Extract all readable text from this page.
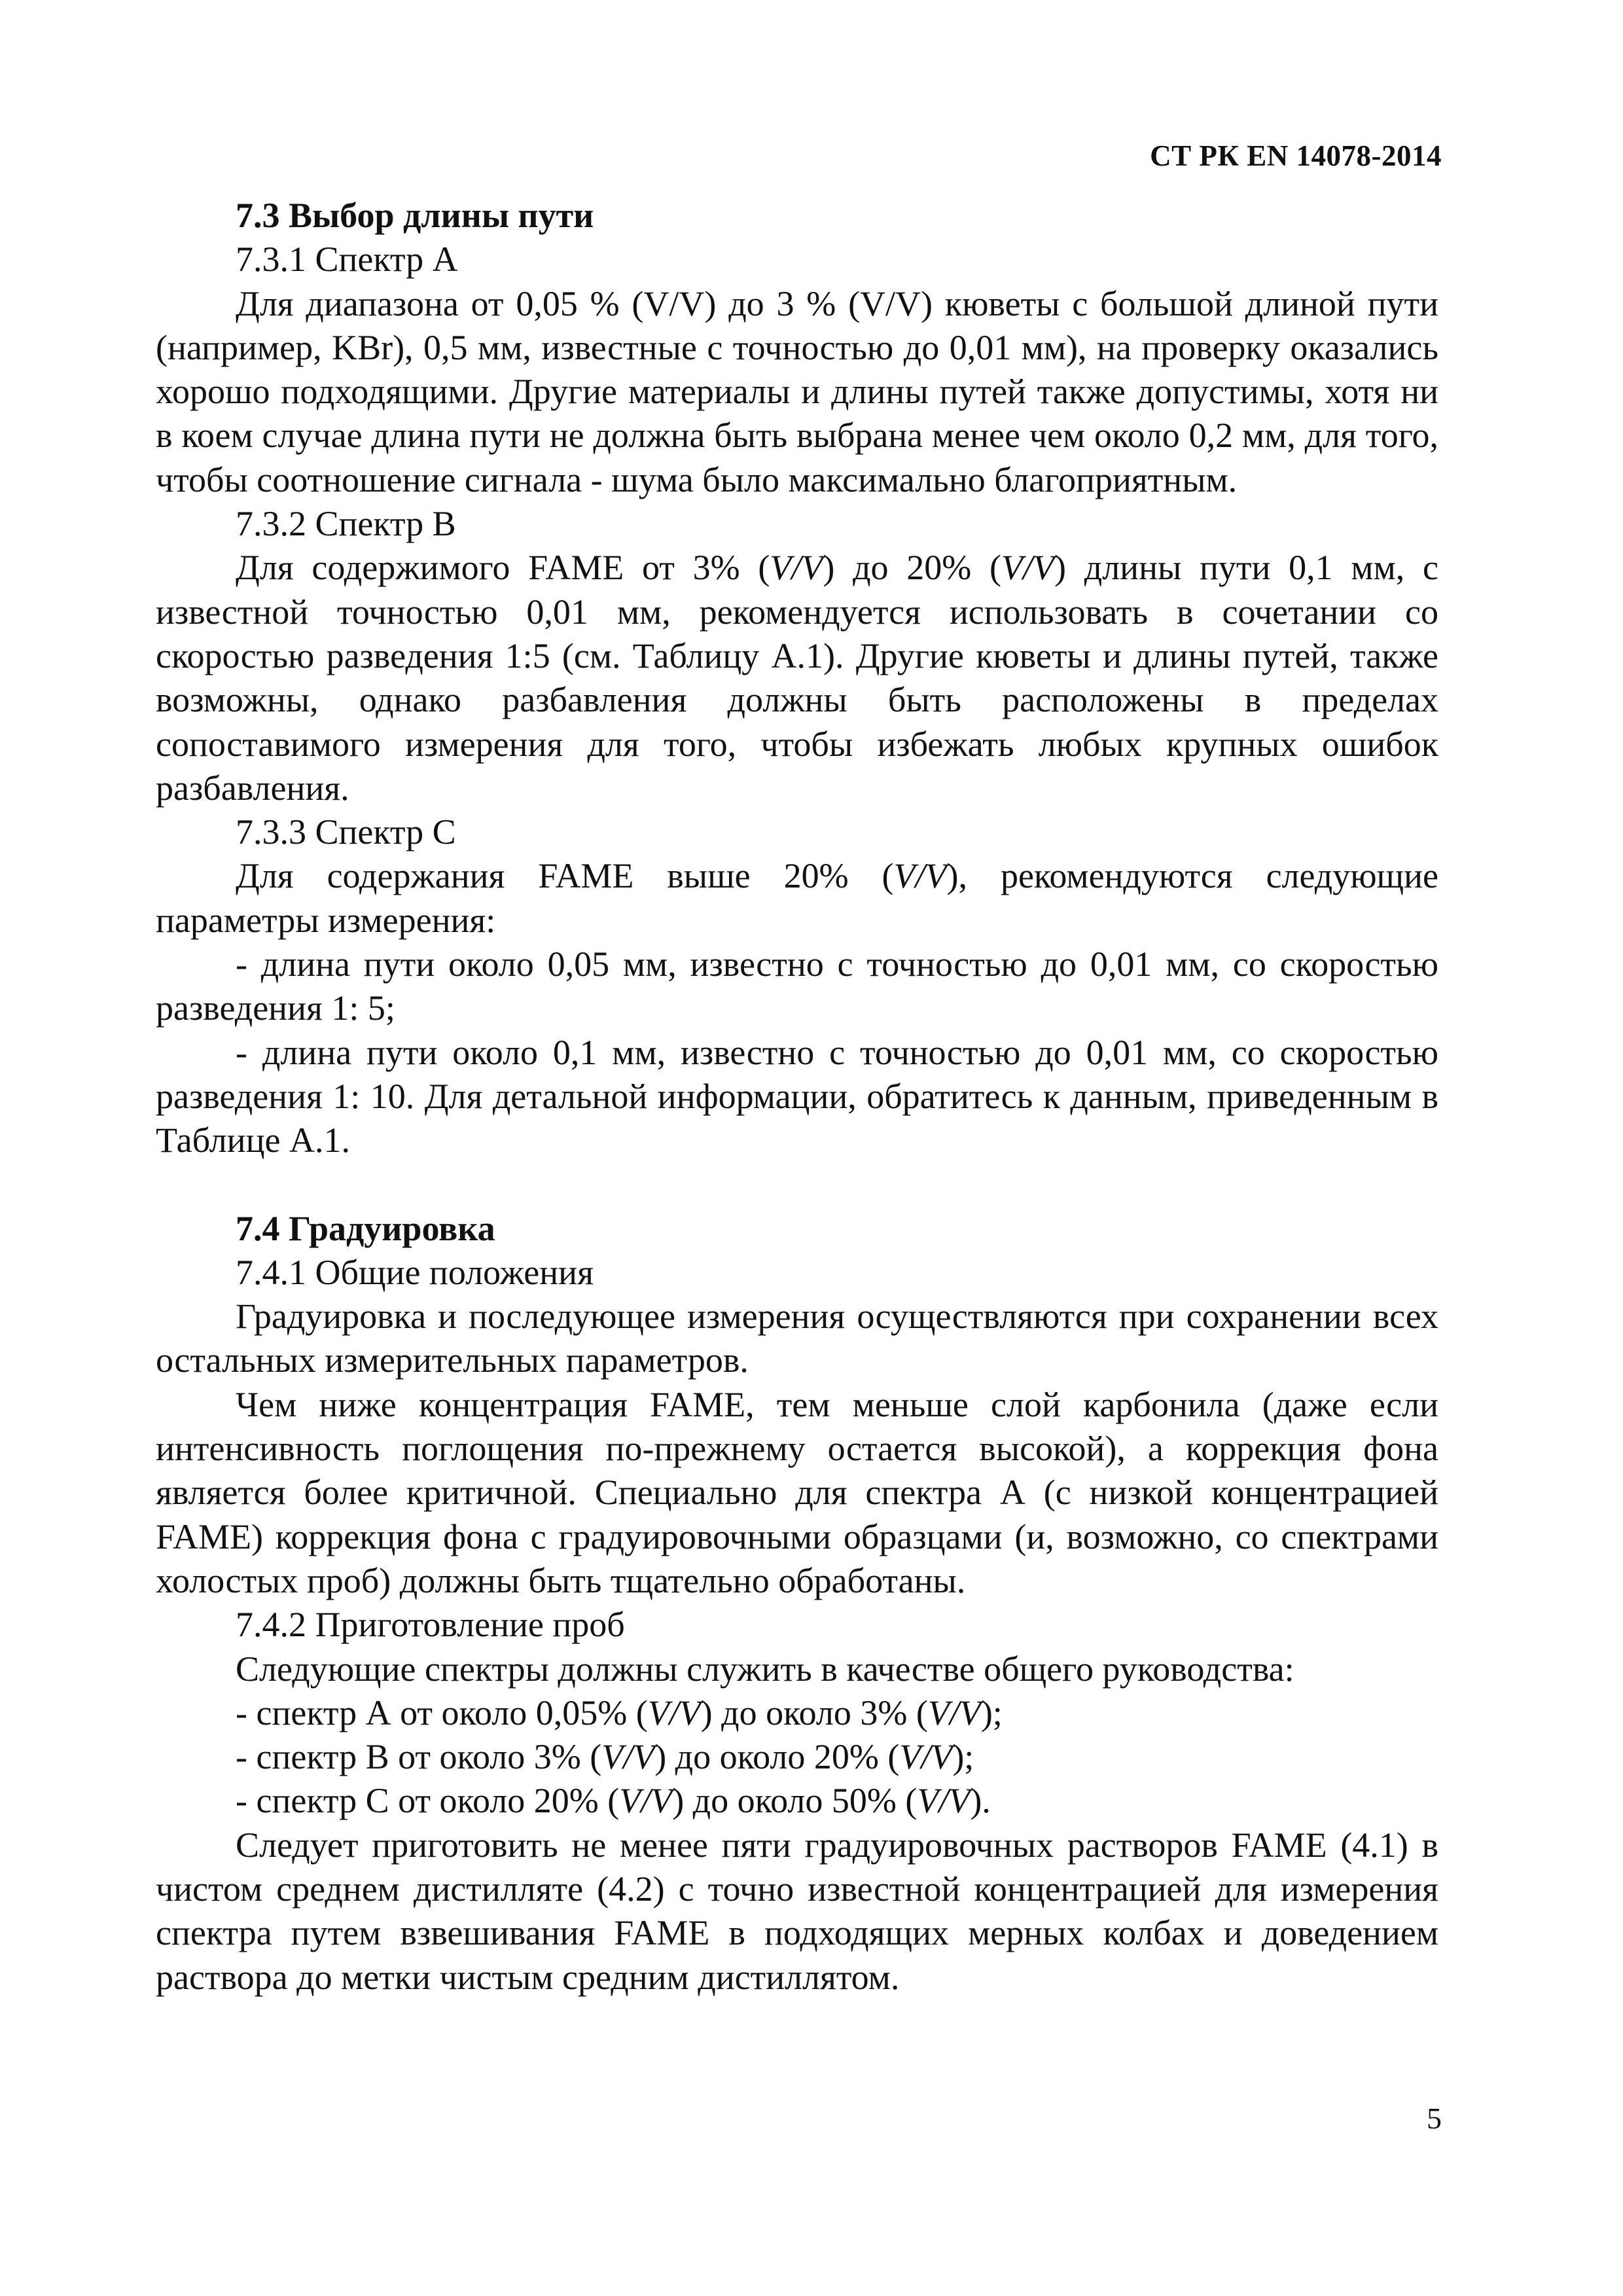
СТ РК EN 14078-2014

7.3 Выбор длины пути

7.3.1 Спектр А

Для диапазона от 0,05 % (V/V) до 3 % (V/V) кюветы с большой длиной пути (например, KBr), 0,5 мм, известные с точностью до 0,01 мм), на проверку оказались хорошо подходящими. Другие материалы и длины путей также допустимы, хотя ни в коем случае длина пути не должна быть выбрана менее чем около 0,2 мм, для того, чтобы соотношение сигнала - шума было максимально благоприятным.

7.3.2 Спектр В

Для содержимого FAME от 3% (V/V) до 20% (V/V) длины пути 0,1 мм, с известной точностью 0,01 мм, рекомендуется использовать в сочетании со скоростью разведения 1:5 (см. Таблицу А.1). Другие кюветы и длины путей, также возможны, однако разбавления должны быть расположены в пределах сопоставимого измерения для того, чтобы избежать любых крупных ошибок разбавления.

7.3.3 Спектр С

Для содержания FAME выше 20% (V/V), рекомендуются следующие параметры измерения:

- длина пути около 0,05 мм, известно с точностью до 0,01 мм, со скоростью разведения 1: 5;

- длина пути около 0,1 мм, известно с точностью до 0,01 мм, со скоростью разведения 1: 10. Для детальной информации, обратитесь к данным, приведенным в Таблице А.1.

7.4 Градуировка

7.4.1 Общие положения

Градуировка и последующее измерения осуществляются при сохранении всех остальных измерительных параметров.

Чем ниже концентрация FAME, тем меньше слой карбонила (даже если интенсивность поглощения по-прежнему остается высокой), а коррекция фона является более критичной. Специально для спектра А (с низкой концентрацией FAME) коррекция фона с градуировочными образцами (и, возможно, со спектрами холостых проб) должны быть тщательно обработаны.

7.4.2 Приготовление проб

Следующие спектры должны служить в качестве общего руководства:

- спектр А от около 0,05% (V/V) до около 3% (V/V);

- спектр В от около 3% (V/V) до около 20% (V/V);

- спектр С от около 20% (V/V) до около 50% (V/V).

Следует приготовить не менее пяти градуировочных растворов FAME (4.1) в чистом среднем дистилляте (4.2) с точно известной концентрацией для измерения спектра путем взвешивания FAME в подходящих мерных колбах и доведением раствора до метки чистым средним дистиллятом.

5
